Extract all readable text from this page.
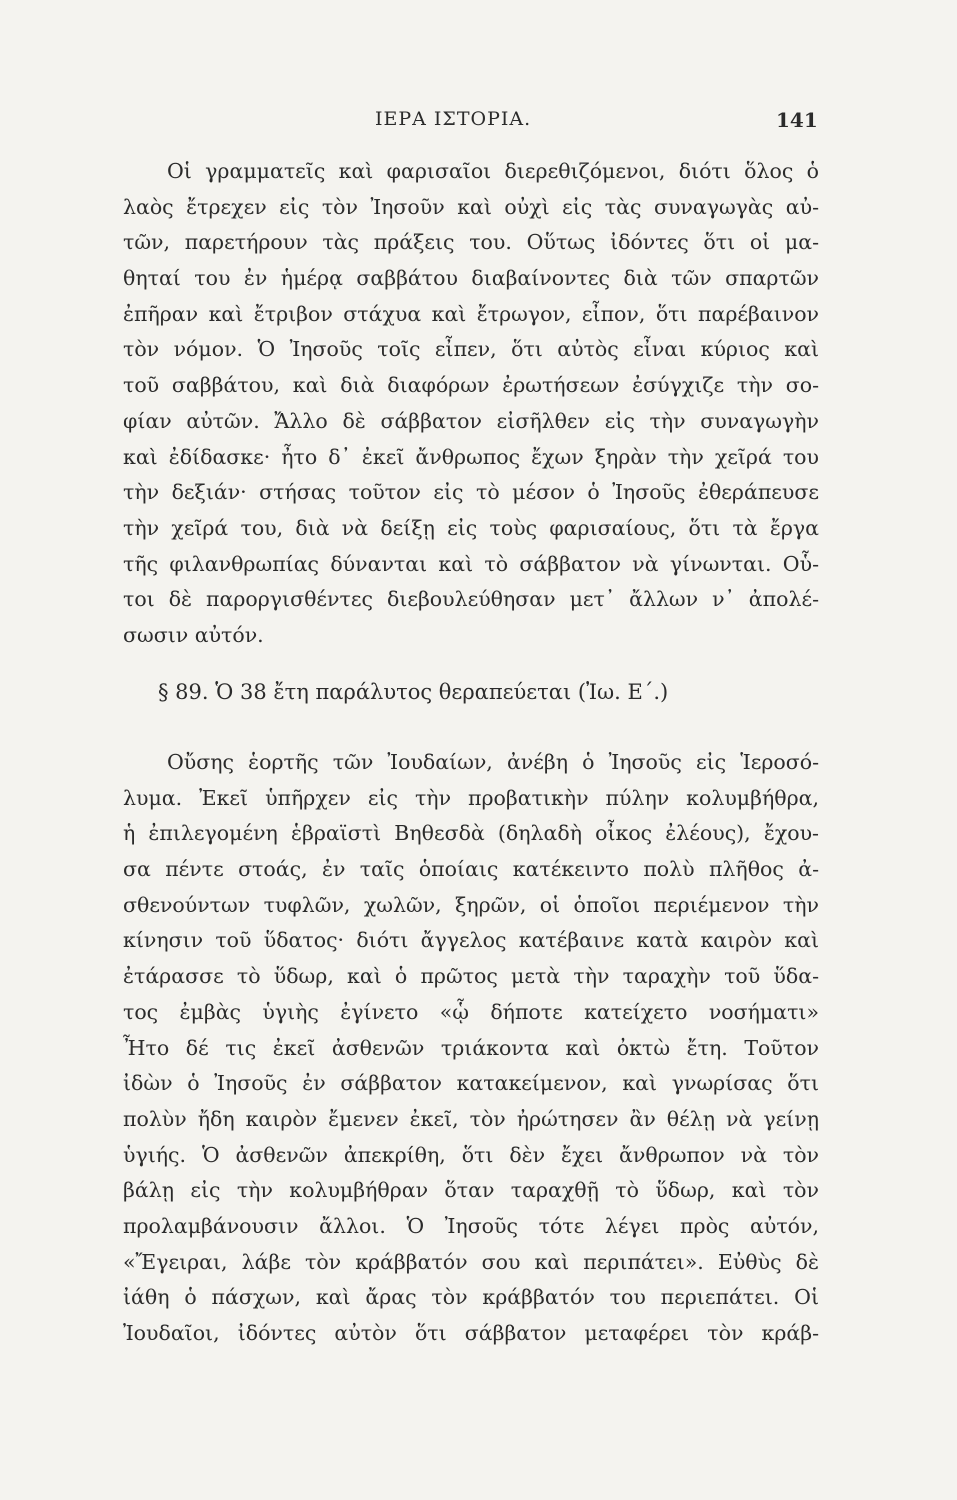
ΙΕΡΑ ΙΣΤΟΡΙΑ.	141
Οἱ γραμματεῖς καὶ φαρισαῖοι διερεθιζόμενοι, διότι ὅλος ὁ
λαὸς ἔτρεχεν εἰς τὸν Ἰησοῦν καὶ οὐχὶ εἰς τὰς συναγωγὰς αὐ-
τῶν, παρετήρουν τὰς πράξεις του. Οὕτως ἰδόντες ὅτι οἱ μα-
θηταί του ἐν ἡμέρᾳ σαββάτου διαβαίνοντες διὰ τῶν σπαρτῶν
ἐπῆραν καὶ ἔτριβον στάχυα καὶ ἔτρωγον, εἶπον, ὅτι παρέβαινον
τὸν νόμον. Ὁ Ἰησοῦς τοῖς εἶπεν, ὅτι αὐτὸς εἶναι κύριος καὶ
τοῦ σαββάτου, καὶ διὰ διαφόρων ἐρωτήσεων ἐσύγχιζε τὴν σο-
φίαν αὐτῶν. Ἄλλο δὲ σάββατον εἰσῆλθεν εἰς τὴν συναγωγὴν
καὶ ἐδίδασκε· ἦτο δ᾽ ἐκεῖ ἄνθρωπος ἔχων ξηρὰν τὴν χεῖρά του
τὴν δεξιάν· στήσας τοῦτον εἰς τὸ μέσον ὁ Ἰησοῦς ἐθεράπευσε
τὴν χεῖρά του, διὰ νὰ δείξῃ εἰς τοὺς φαρισαίους, ὅτι τὰ ἔργα
τῆς φιλανθρωπίας δύνανται καὶ τὸ σάββατον νὰ γίνωνται. Οὗ-
τοι δὲ παροργισθέντες διεβουλεύθησαν μετ᾽ ἄλλων ν᾽ ἀπολέ-
σωσιν αὐτόν.
§ 89. Ὁ 38 ἔτη παράλυτος θεραπεύεται (Ἰω. Ε΄.)
Οὔσης ἑορτῆς τῶν Ἰουδαίων, ἀνέβη ὁ Ἰησοῦς εἰς Ἱεροσό-
λυμα. Ἐκεῖ ὑπῆρχεν εἰς τὴν προβατικὴν πύλην κολυμβήθρα,
ἡ ἐπιλεγομένη ἑβραϊστὶ Βηθεσδὰ (δηλαδὴ οἶκος ἐλέους), ἔχου-
σα πέντε στοάς, ἐν ταῖς ὁποίαις κατέκειντο πολὺ πλῆθος ἀ-
σθενούντων τυφλῶν, χωλῶν, ξηρῶν, οἱ ὁποῖοι περιέμενον τὴν
κίνησιν τοῦ ὕδατος· διότι ἄγγελος κατέβαινε κατὰ καιρὸν καὶ
ἐτάρασσε τὸ ὕδωρ, καὶ ὁ πρῶτος μετὰ τὴν ταραχὴν τοῦ ὕδα-
τος ἐμβὰς ὑγιὴς ἐγίνετο «ᾧ δήποτε κατείχετο νοσήματι»
Ἦτο δέ τις ἐκεῖ ἀσθενῶν τριάκοντα καὶ ὀκτὼ ἔτη. Τοῦτον
ἰδὼν ὁ Ἰησοῦς ἐν σάββατον κατακείμενον, καὶ γνωρίσας ὅτι
πολὺν ἤδη καιρὸν ἔμενεν ἐκεῖ, τὸν ἠρώτησεν ἂν θέλῃ νὰ γείνῃ
ὑγιής. Ὁ ἀσθενῶν ἀπεκρίθη, ὅτι δὲν ἔχει ἄνθρωπον νὰ τὸν
βάλῃ εἰς τὴν κολυμβήθραν ὅταν ταραχθῇ τὸ ὕδωρ, καὶ τὸν
προλαμβάνουσιν ἄλλοι. Ὁ Ἰησοῦς τότε λέγει πρὸς αὐτόν,
«Ἔγειραι, λάβε τὸν κράββατόν σου καὶ περιπάτει». Εὐθὺς δὲ
ἰάθη ὁ πάσχων, καὶ ἄρας τὸν κράββατόν του περιεπάτει. Οἱ
Ἰουδαῖοι, ἰδόντες αὐτὸν ὅτι σάββατον μεταφέρει τὸν κράβ-
